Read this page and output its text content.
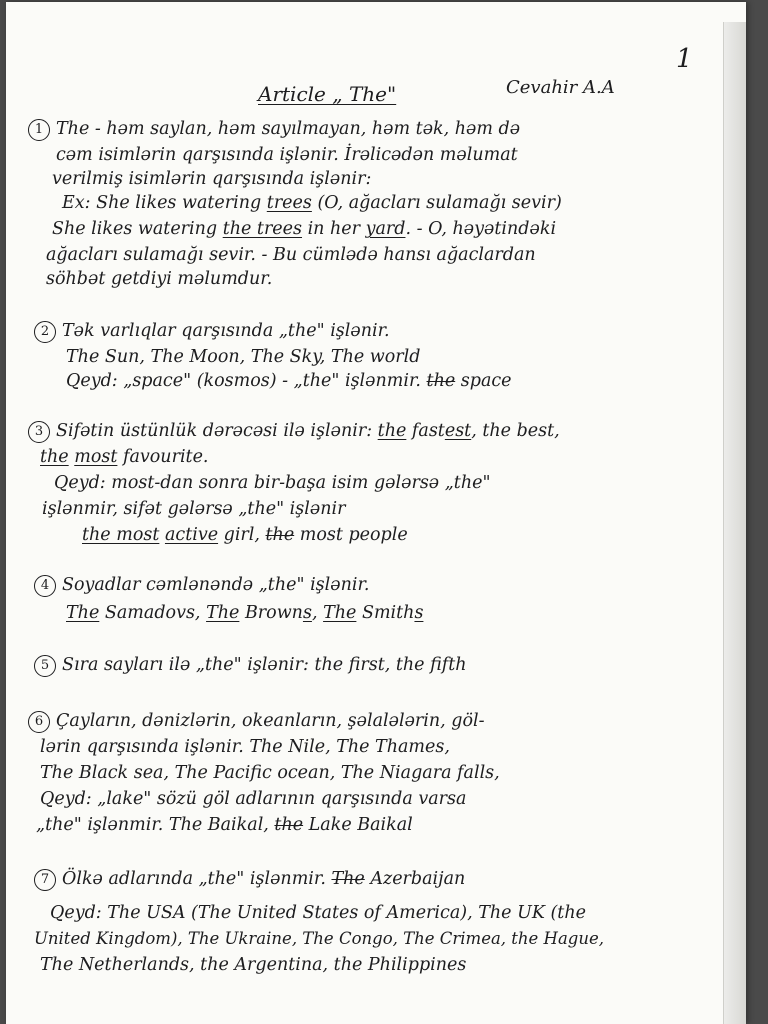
1
Article „ The"	Cevahir A.A
1 The - həm saylan, həm sayılmayan, həm tək, həm də
cəm isimlərin qarşısında işlənir. İrəlicədən məlumat
verilmiş isimlərin qarşısında işlənir:
Ex: She likes watering trees (O, ağacları sulamağı sevir)
She likes watering the trees in her yard. - O, həyətindəki
ağacları sulamağı sevir. - Bu cümlədə hansı ağaclardan
söhbət getdiyi məlumdur.
2 Tək varlıqlar qarşısında „the" işlənir.
The Sun, The Moon, The Sky, The world
Qeyd: „space" (kosmos) - „the" işlənmir. the space
3 Sifətin üstünlük dərəcəsi ilə işlənir: the fastest, the best,
the most favourite.
Qeyd: most-dan sonra bir-başa isim gələrsə „the"
işlənmir, sifət gələrsə „the" işlənir
the most active girl, the most people
4 Soyadlar cəmlənəndə „the" işlənir.
The Samadovs, The Browns, The Smiths
5 Sıra sayları ilə „the" işlənir: the first, the fifth
6 Çayların, dənizlərin, okeanların, şəlalələrin, göl-
lərin qarşısında işlənir. The Nile, The Thames,
The Black sea, The Pacific ocean, The Niagara falls,
Qeyd: „lake" sözü göl adlarının qarşısında varsa
„the" işlənmir. The Baikal, the Lake Baikal
7 Ölkə adlarında „the" işlənmir. The Azerbaijan
Qeyd: The USA (The United States of America), The UK (the
United Kingdom), The Ukraine, The Congo, The Crimea, the Hague,
The Netherlands, the Argentina, the Philippines
